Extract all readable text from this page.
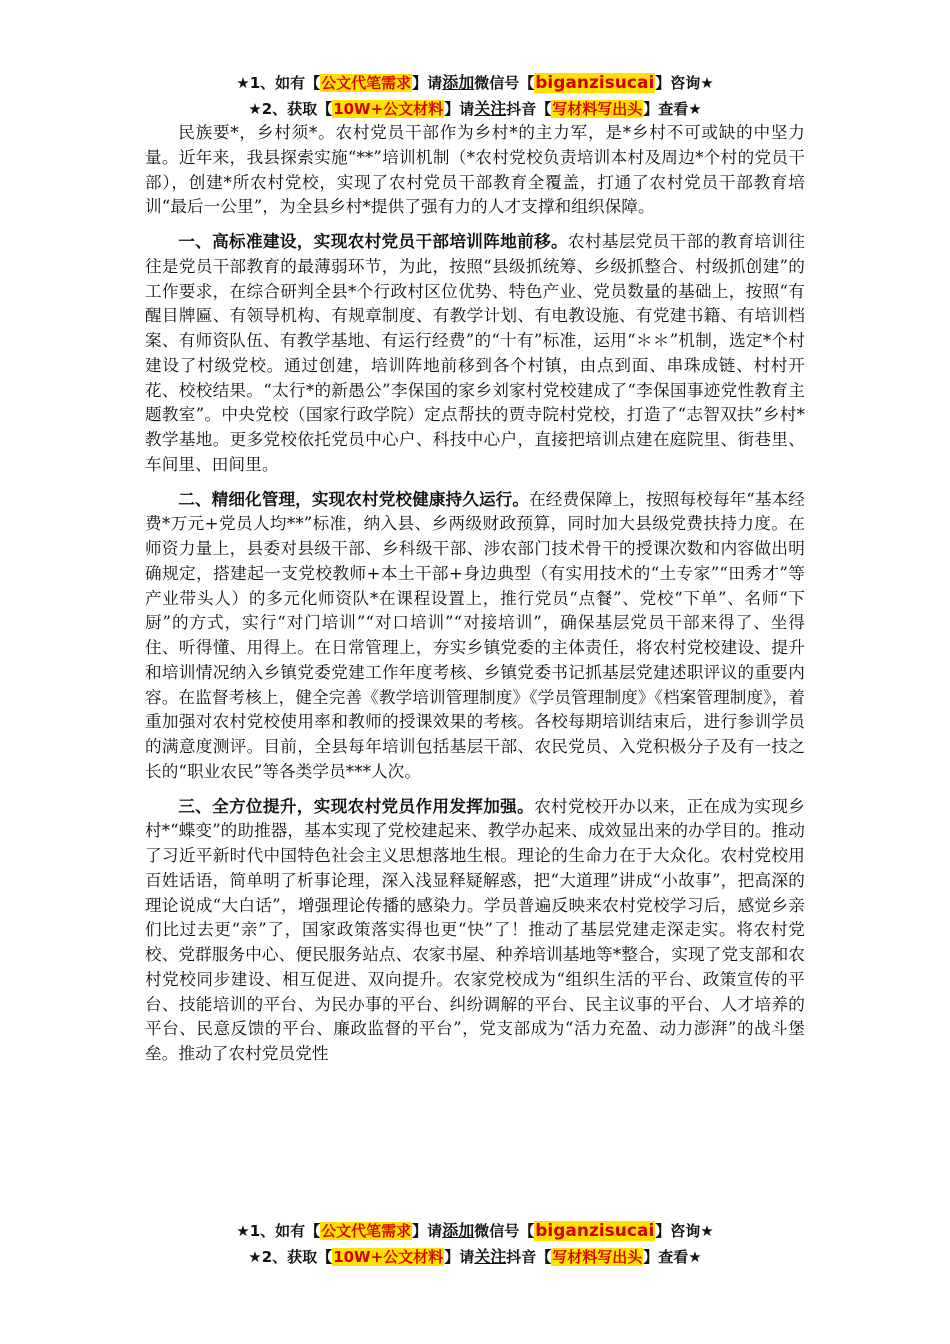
★1、如有【公文代笔需求】请添加微信号【biganzisucai】咨询★
★2、获取【10W+公文材料】请关注抖音【写材料写出头】查看★

民族要*，乡村须*。农村党员干部作为乡村*的主力军，是*乡村不可或缺的中坚力量。近年来，我县探索实施“**”培训机制（*农村党校负责培训本村及周边*个村的党员干部），创建*所农村党校，实现了农村党员干部教育全覆盖，打通了农村党员干部教育培训“最后一公里”，为全县乡村*提供了强有力的人才支撑和组织保障。

一、高标准建设，实现农村党员干部培训阵地前移。农村基层党员干部的教育培训往往是党员干部教育的最薄弱环节，为此，按照“县级抓统筹、乡级抓整合、村级抓创建”的工作要求，在综合研判全县*个行政村区位优势、特色产业、党员数量的基础上，按照“有醒目牌匾、有领导机构、有规章制度、有教学计划、有电教设施、有党建书籍、有培训档案、有师资队伍、有教学基地、有运行经费”的“十有”标准，运用“＊＊”机制，选定*个村建设了村级党校。通过创建，培训阵地前移到各个村镇，由点到面、串珠成链、村村开花、校校结果。“太行*的新愚公”李保国的家乡刘家村党校建成了“李保国事迹党性教育主题教室”。中央党校（国家行政学院）定点帮扶的贾寺院村党校，打造了“志智双扶”乡村*教学基地。更多党校依托党员中心户、科技中心户，直接把培训点建在庭院里、街巷里、车间里、田间里。

二、精细化管理，实现农村党校健康持久运行。在经费保障上，按照每校每年“基本经费*万元+党员人均**”标准，纳入县、乡两级财政预算，同时加大县级党费扶持力度。在师资力量上，县委对县级干部、乡科级干部、涉农部门技术骨干的授课次数和内容做出明确规定，搭建起一支党校教师+本土干部+身边典型（有实用技术的“土专家”“田秀才”等产业带头人）的多元化师资队*在课程设置上，推行党员“点餐”、党校“下单”、名师“下厨”的方式，实行“对门培训”“对口培训”“对接培训”，确保基层党员干部来得了、坐得住、听得懂、用得上。在日常管理上，夯实乡镇党委的主体责任，将农村党校建设、提升和培训情况纳入乡镇党委党建工作年度考核、乡镇党委书记抓基层党建述职评议的重要内容。在监督考核上，健全完善《教学培训管理制度》《学员管理制度》《档案管理制度》，着重加强对农村党校使用率和教师的授课效果的考核。各校每期培训结束后，进行参训学员的满意度测评。目前，全县每年培训包括基层干部、农民党员、入党积极分子及有一技之长的“职业农民”等各类学员***人次。

三、全方位提升，实现农村党员作用发挥加强。农村党校开办以来，正在成为实现乡村*“蝶变”的助推器，基本实现了党校建起来、教学办起来、成效显出来的办学目的。推动了习近平新时代中国特色社会主义思想落地生根。理论的生命力在于大众化。农村党校用百姓话语，简单明了析事论理，深入浅显释疑解惑，把“大道理”讲成“小故事”，把高深的理论说成“大白话”，增强理论传播的感染力。学员普遍反映来农村党校学习后，感觉乡亲们比过去更“亲”了，国家政策落实得也更“快”了！推动了基层党建走深走实。将农村党校、党群服务中心、便民服务站点、农家书屋、种养培训基地等*整合，实现了党支部和农村党校同步建设、相互促进、双向提升。农家党校成为“组织生活的平台、政策宣传的平台、技能培训的平台、为民办事的平台、纠纷调解的平台、民主议事的平台、人才培养的平台、民意反馈的平台、廉政监督的平台”，党支部成为“活力充盈、动力澎湃”的战斗堡垒。推动了农村党员党性

★1、如有【公文代笔需求】请添加微信号【biganzisucai】咨询★
★2、获取【10W+公文材料】请关注抖音【写材料写出头】查看★
